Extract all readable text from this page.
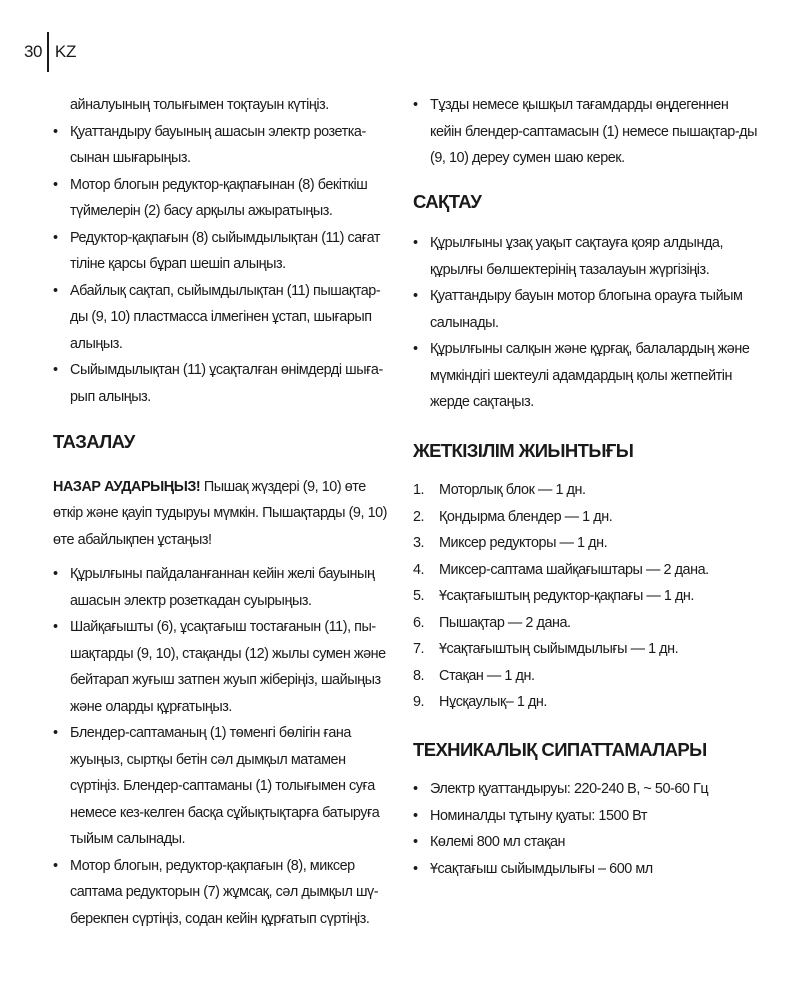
30 KZ

айналуының толығымен тоқтауын күтіңіз.

• Қуаттандыру бауының ашасын электр розетка-сынан шығарыңыз.
• Мотор блогын редуктор-қақпағынан (8) бекіткіш түймелерін (2) басу арқылы ажыратыңыз.
• Редуктор-қақпағын (8) сыйымдылықтан (11) сағат тіліне қарсы бұрап шешіп алыңыз.
• Абайлық сақтап, сыйымдылықтан (11) пышақтар-ды (9, 10) пластмасса ілмегінен ұстап, шығарып алыңыз.
• Сыйымдылықтан (11) ұсақталған өнімдерді шыға-рып алыңыз.
ТАЗАЛАУ

НАЗАР АУДАРЫҢЫЗ! Пышақ жүздері (9, 10) өте өткір және қауіп тудыруы мүмкін. Пышақтарды (9, 10) өте абайлықпен ұстаңыз!

• Құрылғыны пайдаланғаннан кейін желі бауының ашасын электр розеткадан суырыңыз.
• Шайқағышты (6), ұсақтағыш тостағанын (11), пы-шақтарды (9, 10), стақанды (12) жылы сумен және бейтарап жуғыш затпен жуып жіберіңіз, шайыңыз және оларды құрғатыңыз.
• Блендер-саптаманың (1) төменгі бөлігін ғана жуыңыз, сыртқы бетін сәл дымқыл матамен сүртіңіз. Блендер-саптаманы (1) толығымен суға немесе кез-келген басқа сұйықтықтарға батыруға тыйым салынады.
• Мотор блогын, редуктор-қақпағын (8), миксер саптама редукторын (7) жұмсақ, сәл дымқыл шү-берекпен сүртіңіз, содан кейін құрғатып сүртіңіз.
• Тұзды немесе қышқыл тағамдарды өңдегеннен кейін блендер-саптамасын (1) немесе пышақтар-ды (9, 10) дереу сумен шаю керек.
САҚТАУ
• Құрылғыны ұзақ уақыт сақтауға қояр алдында, құрылғы бөлшектерінің тазалауын жүргізіңіз.
• Қуаттандыру бауын мотор блогына орауға тыйым салынады.
• Құрылғыны салқын және құрғақ, балалардың және мүмкіндігі шектеулі адамдардың қолы жетпейтін жерде сақтаңыз.
ЖЕТКІЗІЛІМ ЖИЫНТЫҒЫ
1. Моторлық блок — 1 дн.
2. Қондырма блендер — 1 дн.
3. Миксер редукторы — 1 дн.
4. Миксер-саптама шайқағыштары — 2 дана.
5. Ұсақтағыштың редуктор-қақпағы — 1 дн.
6. Пышақтар — 2 дана.
7. Ұсақтағыштың сыйымдылығы — 1 дн.
8. Стақан — 1 дн.
9. Нұсқаулық– 1 дн.
ТЕХНИКАЛЫҚ СИПАТТАМАЛАРЫ
• Электр қуаттандыруы: 220-240 В, ~ 50-60 Гц
• Номиналды тұтыну қуаты: 1500 Вт
• Көлемі 800 мл стақан
• Ұсақтағыш сыйымдылығы – 600 мл
